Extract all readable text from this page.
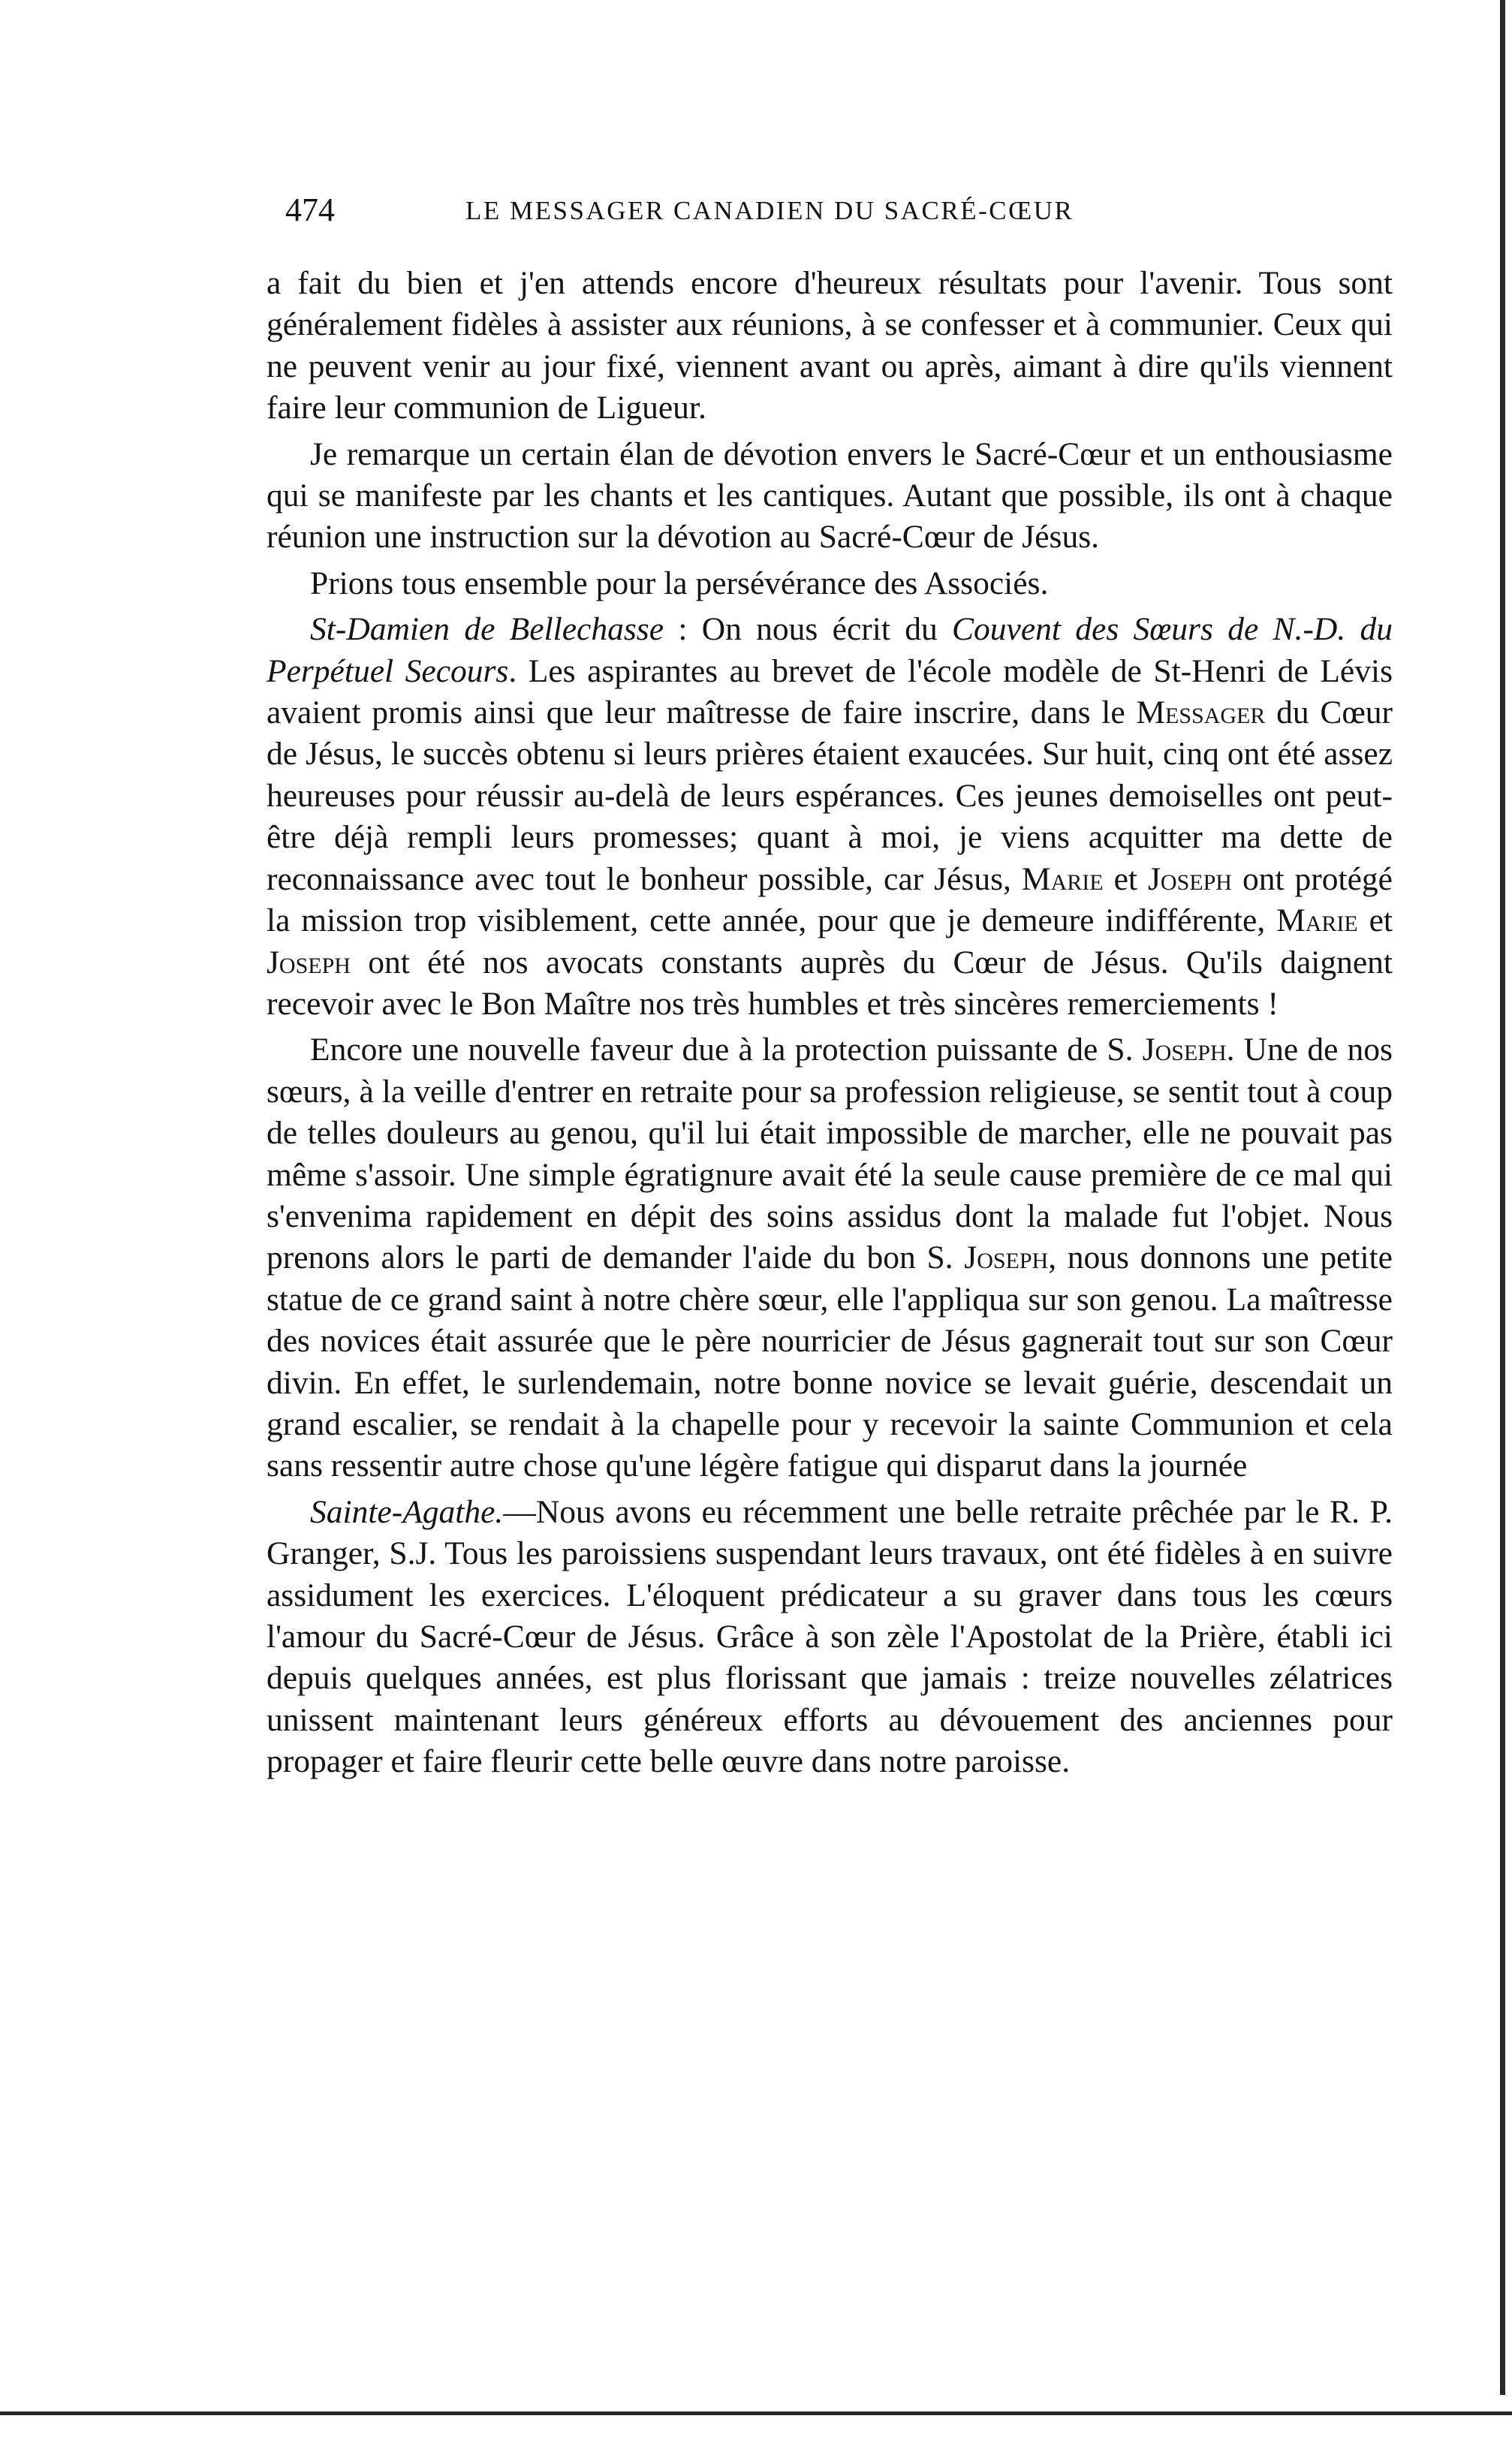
474	LE MESSAGER CANADIEN DU SACRÉ-CŒUR

a fait du bien et j'en attends encore d'heureux résultats pour l'avenir. Tous sont généralement fidèles à assister aux réunions, à se confesser et à communier. Ceux qui ne peuvent venir au jour fixé, viennent avant ou après, aimant à dire qu'ils viennent faire leur communion de Ligueur.

Je remarque un certain élan de dévotion envers le Sacré-Cœur et un enthousiasme qui se manifeste par les chants et les cantiques. Autant que possible, ils ont à chaque réunion une instruction sur la dévotion au Sacré-Cœur de Jésus.

Prions tous ensemble pour la persévérance des Associés.

St-Damien de Bellechasse : On nous écrit du Couvent des Sœurs de N.-D. du Perpétuel Secours. Les aspirantes au brevet de l'école modèle de St-Henri de Lévis avaient promis ainsi que leur maîtresse de faire inscrire, dans le Messager du Cœur de Jésus, le succès obtenu si leurs prières étaient exaucées. Sur huit, cinq ont été assez heureuses pour réussir au-delà de leurs espérances. Ces jeunes demoiselles ont peut-être déjà rempli leurs promesses; quant à moi, je viens acquitter ma dette de reconnaissance avec tout le bonheur possible, car Jésus, Marie et Joseph ont protégé la mission trop visiblement, cette année, pour que je demeure indifférente, Marie et Joseph ont été nos avocats constants auprès du Cœur de Jésus. Qu'ils daignent recevoir avec le Bon Maître nos très humbles et très sincères remerciements !

Encore une nouvelle faveur due à la protection puissante de S. Joseph. Une de nos sœurs, à la veille d'entrer en retraite pour sa profession religieuse, se sentit tout à coup de telles douleurs au genou, qu'il lui était impossible de marcher, elle ne pouvait pas même s'assoir. Une simple égratignure avait été la seule cause première de ce mal qui s'envenima rapidement en dépit des soins assidus dont la malade fut l'objet. Nous prenons alors le parti de demander l'aide du bon S. Joseph, nous donnons une petite statue de ce grand saint à notre chère sœur, elle l'appliqua sur son genou. La maîtresse des novices était assurée que le père nourricier de Jésus gagnerait tout sur son Cœur divin. En effet, le surlendemain, notre bonne novice se levait guérie, descendait un grand escalier, se rendait à la chapelle pour y recevoir la sainte Communion et cela sans ressentir autre chose qu'une légère fatigue qui disparut dans la journée

Sainte-Agathe.—Nous avons eu récemment une belle retraite prêchée par le R. P. Granger, S.J. Tous les paroissiens suspendant leurs travaux, ont été fidèles à en suivre assidument les exercices. L'éloquent prédicateur a su graver dans tous les cœurs l'amour du Sacré-Cœur de Jésus. Grâce à son zèle l'Apostolat de la Prière, établi ici depuis quelques années, est plus florissant que jamais : treize nouvelles zélatrices unissent maintenant leurs généreux efforts au dévouement des anciennes pour propager et faire fleurir cette belle œuvre dans notre paroisse.
